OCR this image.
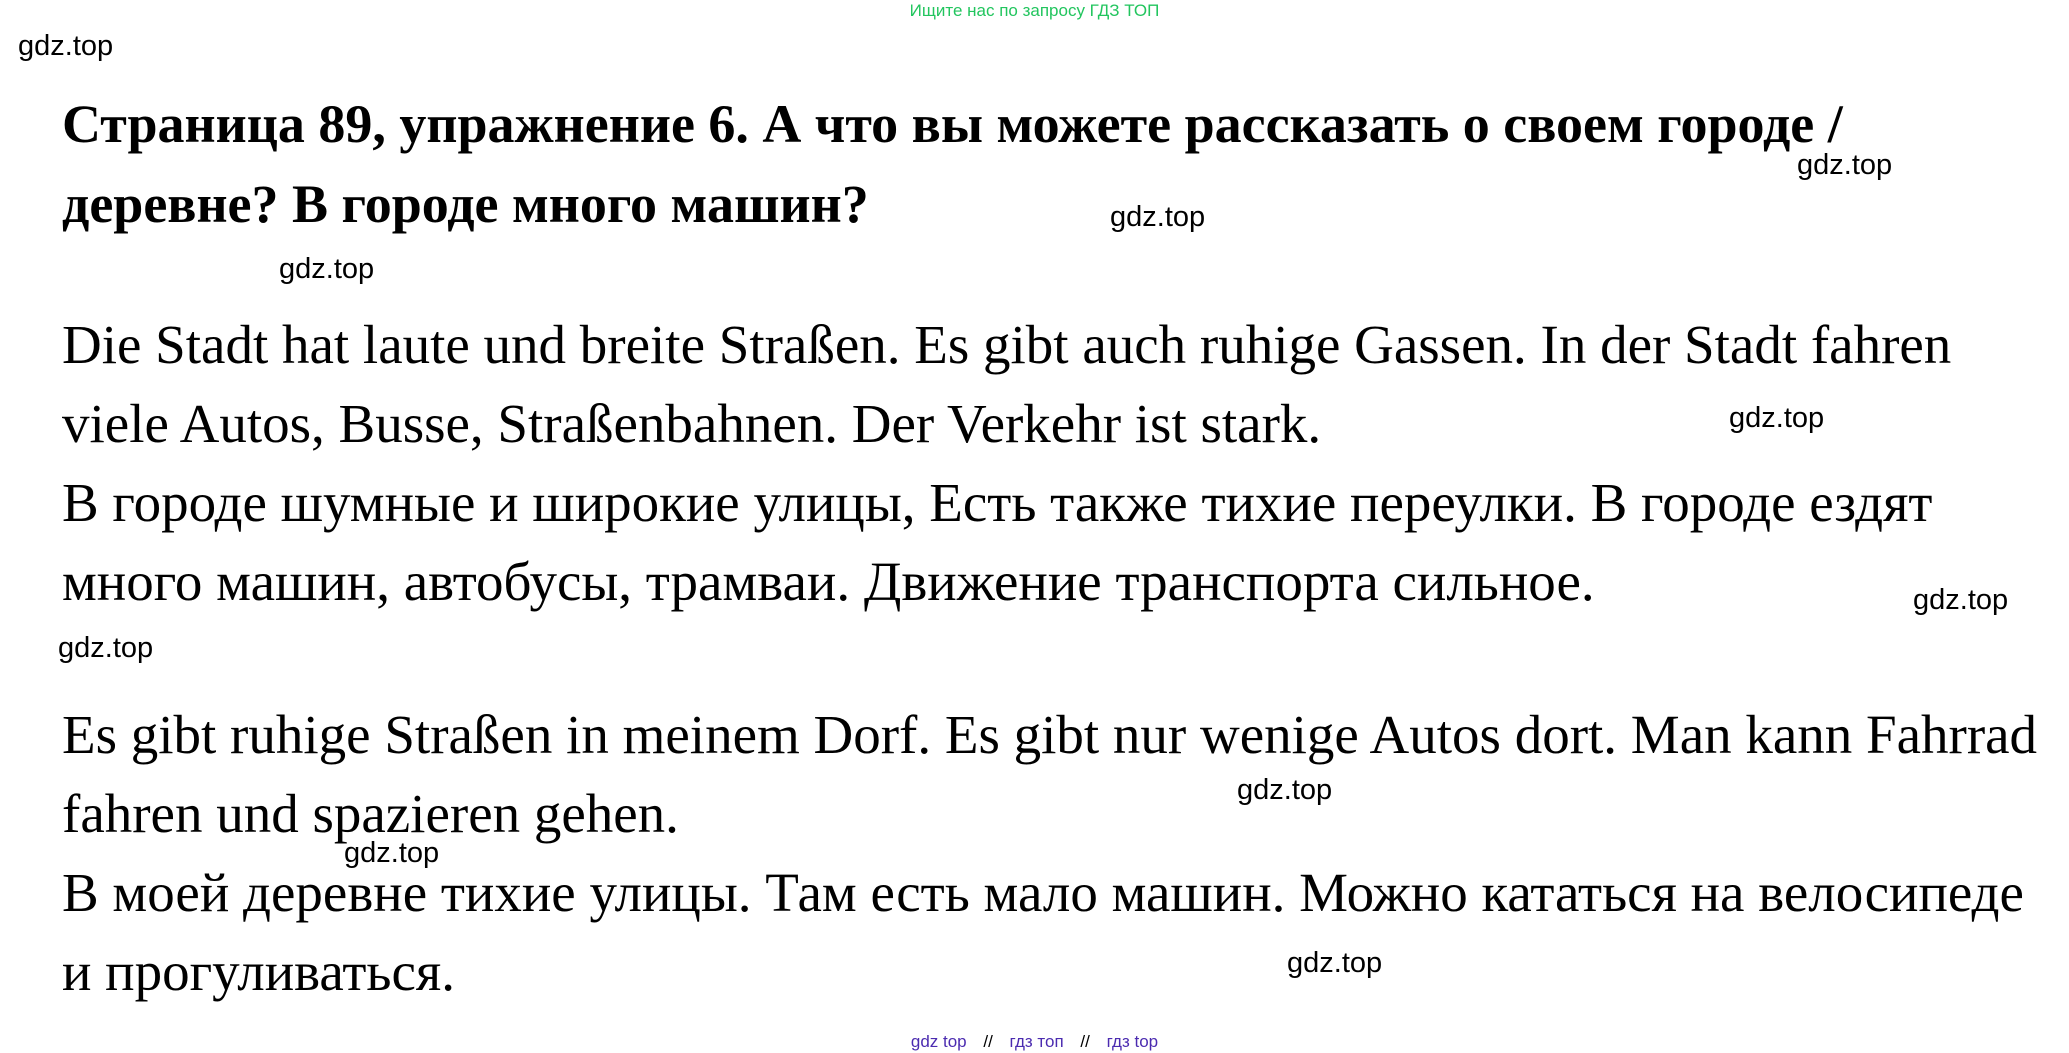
Ищите нас по запросу ГДЗ ТОП
gdz.top
Страница 89, упражнение 6. А что вы можете рассказать о своем городе / деревне? В городе много машин?
gdz.top
gdz.top
gdz.top

Die Stadt hat laute und breite Straßen. Es gibt auch ruhige Gassen. In der Stadt fahren viele Autos, Busse, Straßenbahnen. Der Verkehr ist stark.

В городе шумные и широкие улицы, Есть также тихие переулки. В городе ездят много машин, автобусы, трамваи. Движение транспорта сильное.

gdz.top
gdz.top
gdz.top

Es gibt ruhige Straßen in meinem Dorf. Es gibt nur wenige Autos dort. Man kann Fahrrad fahren und spazieren gehen.

В моей деревне тихие улицы. Там есть мало машин. Можно кататься на велосипеде и прогуливаться.

gdz.top
gdz.top
gdz.top
gdz top // гдз топ // гдз top
